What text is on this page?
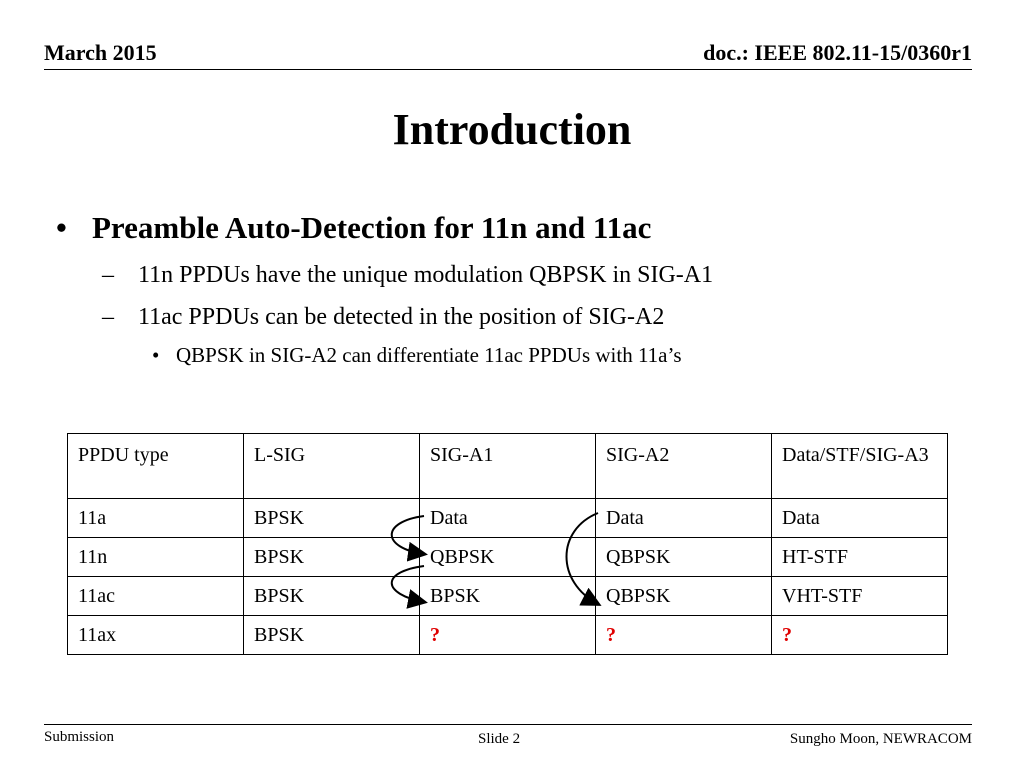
March 2015	doc.: IEEE 802.11-15/0360r1
Introduction
• Preamble Auto-Detection for 11n and 11ac
– 11n PPDUs have the unique modulation QBPSK in SIG-A1
– 11ac PPDUs can be detected in the position of SIG-A2
• QBPSK in SIG-A2 can differentiate 11ac PPDUs with 11a’s
PPDU type	L-SIG	SIG-A1	SIG-A2	Data/STF/SIG-A3
11a	BPSK	Data	Data	Data
11n	BPSK	QBPSK	QBPSK	HT-STF
11ac	BPSK	BPSK	QBPSK	VHT-STF
11ax	BPSK	?	?	?
Submission	Slide 2	Sungho Moon, NEWRACOM
